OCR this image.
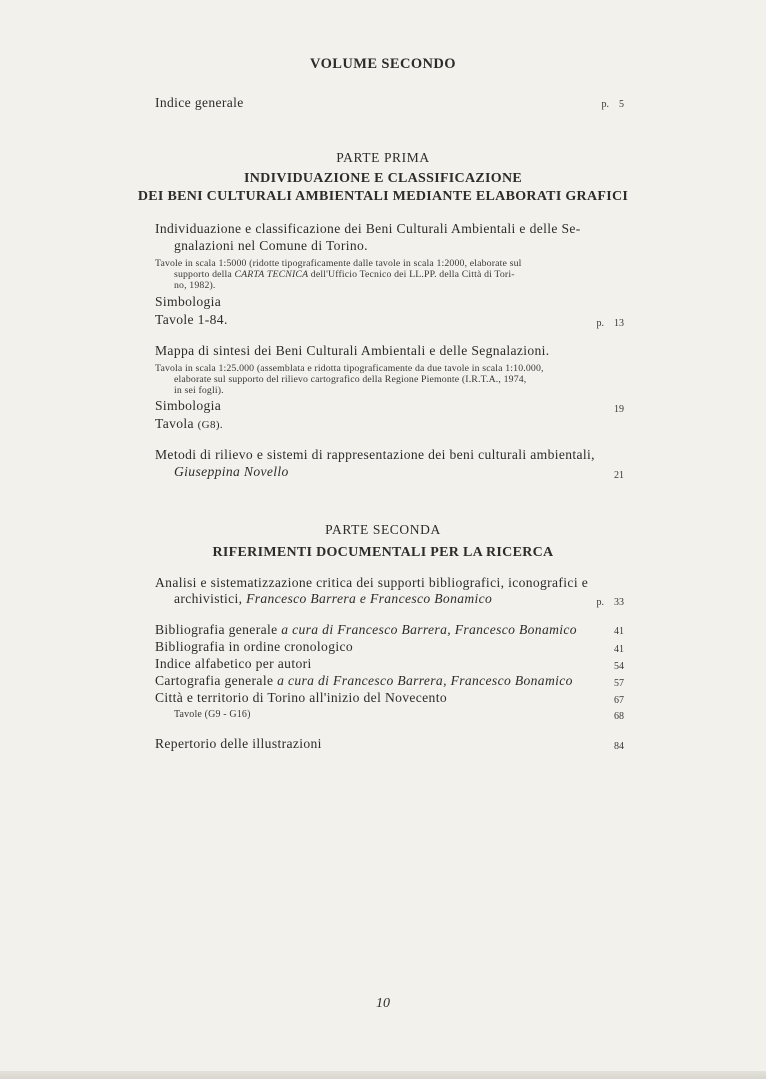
VOLUME SECONDO
Indice generale	p. 5
PARTE PRIMA
INDIVIDUAZIONE E CLASSIFICAZIONE
DEI BENI CULTURALI AMBIENTALI MEDIANTE ELABORATI GRAFICI
Individuazione e classificazione dei Beni Culturali Ambientali e delle Se-
gnalazioni nel Comune di Torino.
Tavole in scala 1:5000 (ridotte tipograficamente dalle tavole in scala 1:2000, elaborate sul
supporto della CARTA TECNICA dell'Ufficio Tecnico dei LL.PP. della Città di Tori-
no, 1982).
Simbologia
Tavole 1-84.	p. 13
Mappa di sintesi dei Beni Culturali Ambientali e delle Segnalazioni.
Tavola in scala 1:25.000 (assemblata e ridotta tipograficamente da due tavole in scala 1:10.000,
elaborate sul supporto del rilievo cartografico della Regione Piemonte (I.R.T.A., 1974,
in sei fogli).
Simbologia	19
Tavola (G8).
Metodi di rilievo e sistemi di rappresentazione dei beni culturali ambientali,
Giuseppina Novello	21
PARTE SECONDA
RIFERIMENTI DOCUMENTALI PER LA RICERCA
Analisi e sistematizzazione critica dei supporti bibliografici, iconografici e
archivistici, Francesco Barrera e Francesco Bonamico	p. 33
Bibliografia generale a cura di Francesco Barrera, Francesco Bonamico	41
Bibliografia in ordine cronologico	41
Indice alfabetico per autori	54
Cartografia generale a cura di Francesco Barrera, Francesco Bonamico	57
Città e territorio di Torino all'inizio del Novecento	67
Tavole (G9 - G16)	68
Repertorio delle illustrazioni	84
10
